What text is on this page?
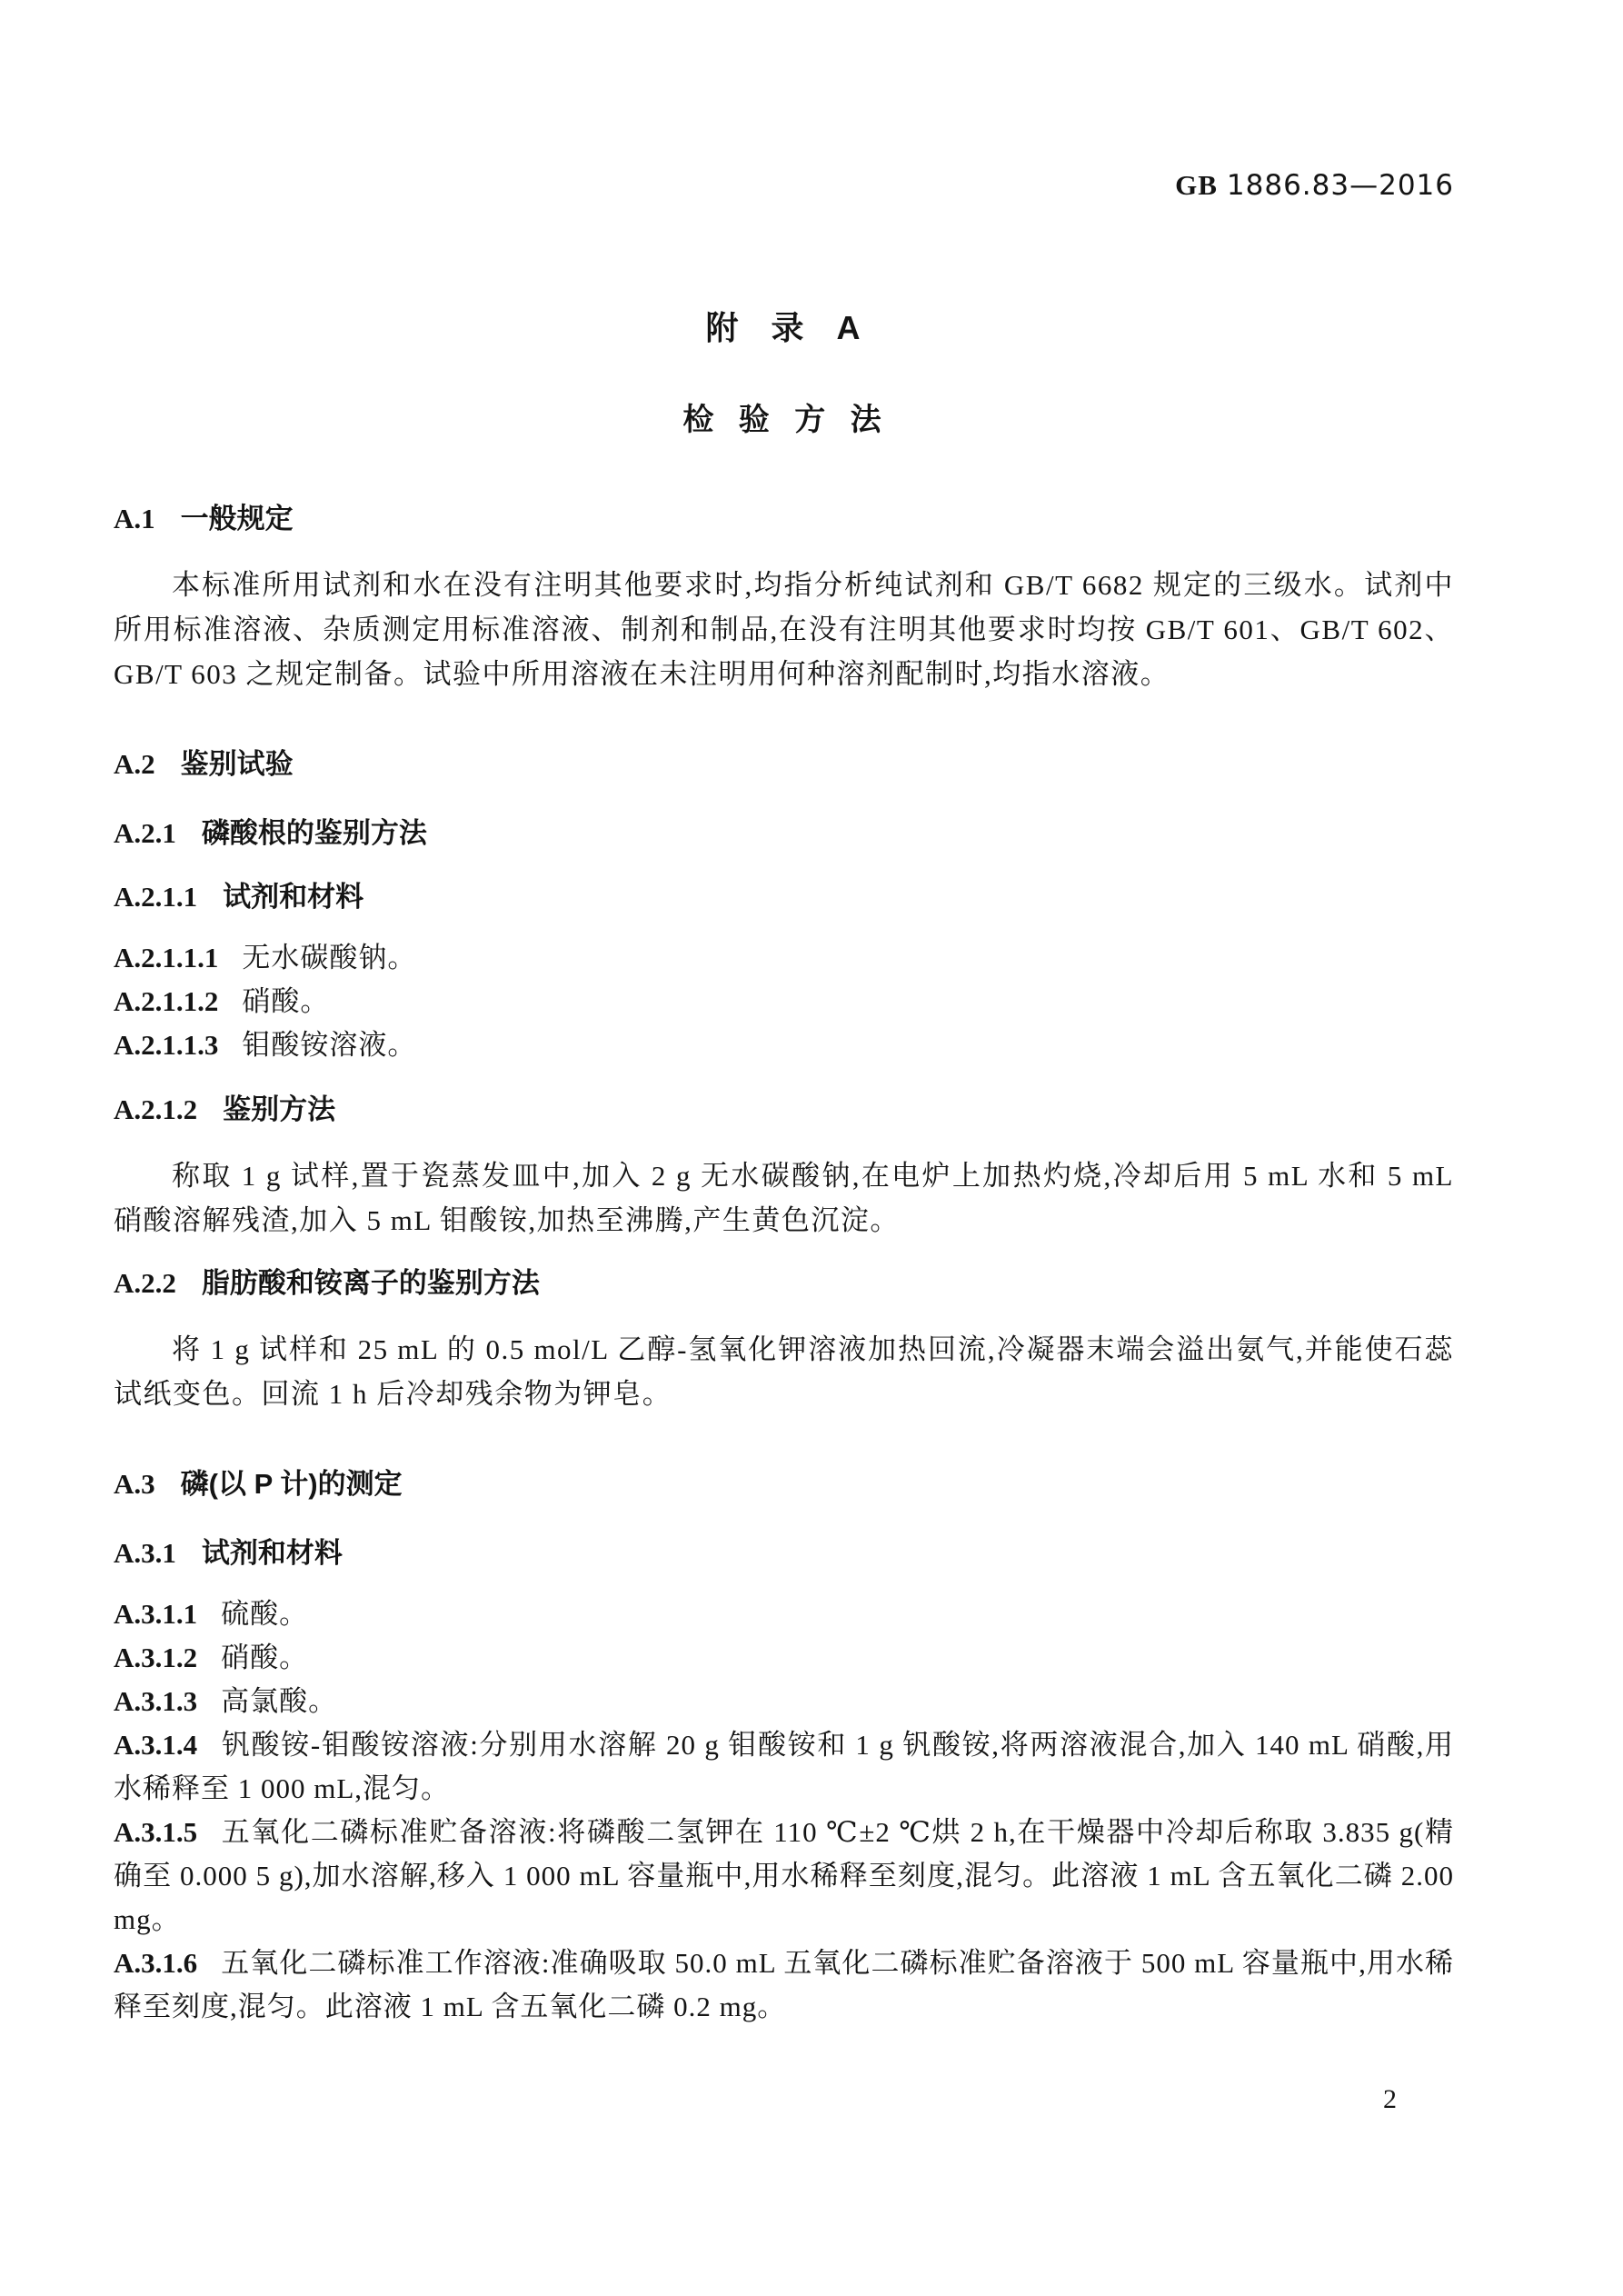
GB 1886.83—2016
附 录 A
检 验 方 法
A.1 一般规定

本标准所用试剂和水在没有注明其他要求时,均指分析纯试剂和 GB/T 6682 规定的三级水。试剂中所用标准溶液、杂质测定用标准溶液、制剂和制品,在没有注明其他要求时均按 GB/T 601、GB/T 602、GB/T 603 之规定制备。试验中所用溶液在未注明用何种溶剂配制时,均指水溶液。

A.2 鉴别试验
A.2.1 磷酸根的鉴别方法
A.2.1.1 试剂和材料
A.2.1.1.1 无水碳酸钠。
A.2.1.1.2 硝酸。
A.2.1.1.3 钼酸铵溶液。
A.2.1.2 鉴别方法

称取 1 g 试样,置于瓷蒸发皿中,加入 2 g 无水碳酸钠,在电炉上加热灼烧,冷却后用 5 mL 水和 5 mL 硝酸溶解残渣,加入 5 mL 钼酸铵,加热至沸腾,产生黄色沉淀。

A.2.2 脂肪酸和铵离子的鉴别方法

将 1 g 试样和 25 mL 的 0.5 mol/L 乙醇-氢氧化钾溶液加热回流,冷凝器末端会溢出氨气,并能使石蕊试纸变色。回流 1 h 后冷却残余物为钾皂。

A.3 磷(以 P 计)的测定
A.3.1 试剂和材料
A.3.1.1 硫酸。
A.3.1.2 硝酸。
A.3.1.3 高氯酸。
A.3.1.4 钒酸铵-钼酸铵溶液:分别用水溶解 20 g 钼酸铵和 1 g 钒酸铵,将两溶液混合,加入 140 mL 硝酸,用水稀释至 1 000 mL,混匀。
A.3.1.5 五氧化二磷标准贮备溶液:将磷酸二氢钾在 110 ℃±2 ℃烘 2 h,在干燥器中冷却后称取 3.835 g(精确至 0.000 5 g),加水溶解,移入 1 000 mL 容量瓶中,用水稀释至刻度,混匀。此溶液 1 mL 含五氧化二磷 2.00 mg。
A.3.1.6 五氧化二磷标准工作溶液:准确吸取 50.0 mL 五氧化二磷标准贮备溶液于 500 mL 容量瓶中,用水稀释至刻度,混匀。此溶液 1 mL 含五氧化二磷 0.2 mg。
2
